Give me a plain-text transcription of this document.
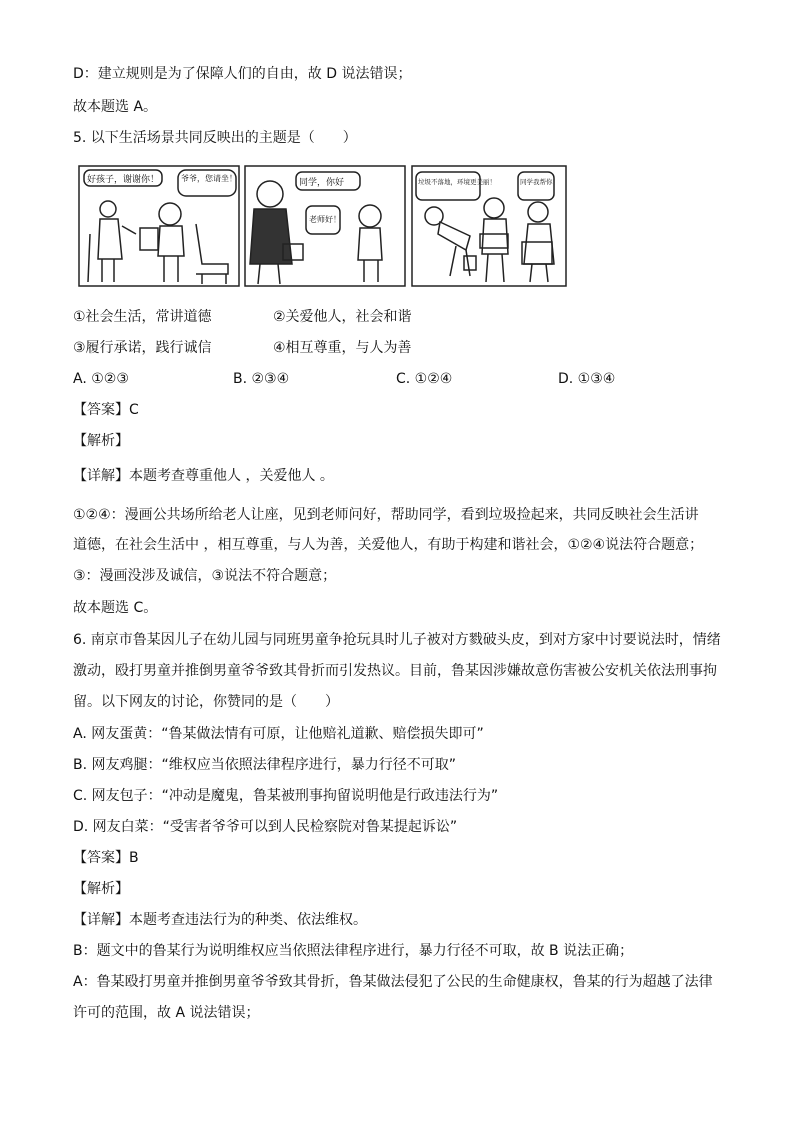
D：建立规则是为了保障人们的自由，故 D 说法错误；
故本题选 A。
5. 以下生活场景共同反映出的主题是（　　）
好孩子，谢谢你！	爷爷，您请坐！	同学，你好
老师好！
垃圾不落地，环境更美丽！	同学我帮你！
①社会生活，常讲道德	②关爱他人，社会和谐
③履行承诺，践行诚信	④相互尊重，与人为善
A. ①②③	B. ②③④	C. ①②④	D. ①③④
【答案】C
【解析】
【详解】本题考查尊重他人 ，关爱他人 。
①②④：漫画公共场所给老人让座，见到老师问好，帮助同学，看到垃圾捡起来，共同反映社会生活讲
道德，在社会生活中 ，相互尊重，与人为善，关爱他人，有助于构建和谐社会，①②④说法符合题意；
③：漫画没涉及诚信，③说法不符合题意；
故本题选 C。
6. 南京市鲁某因儿子在幼儿园与同班男童争抢玩具时儿子被对方戮破头皮，到对方家中讨要说法时，情绪
激动，殴打男童并推倒男童爷爷致其骨折而引发热议。目前，鲁某因涉嫌故意伤害被公安机关依法刑事拘
留。以下网友的讨论，你赞同的是（　　）
A. 网友蛋黄：“鲁某做法情有可原，让他赔礼道歉、赔偿损失即可”
B. 网友鸡腿：“维权应当依照法律程序进行，暴力行径不可取”
C. 网友包子：“冲动是魔鬼，鲁某被刑事拘留说明他是行政违法行为”
D. 网友白菜：“受害者爷爷可以到人民检察院对鲁某提起诉讼”
【答案】B
【解析】
【详解】本题考查违法行为的种类、依法维权。
B：题文中的鲁某行为说明维权应当依照法律程序进行，暴力行径不可取，故 B 说法正确；
A：鲁某殴打男童并推倒男童爷爷致其骨折，鲁某做法侵犯了公民的生命健康权，鲁某的行为超越了法律
许可的范围，故 A 说法错误；
